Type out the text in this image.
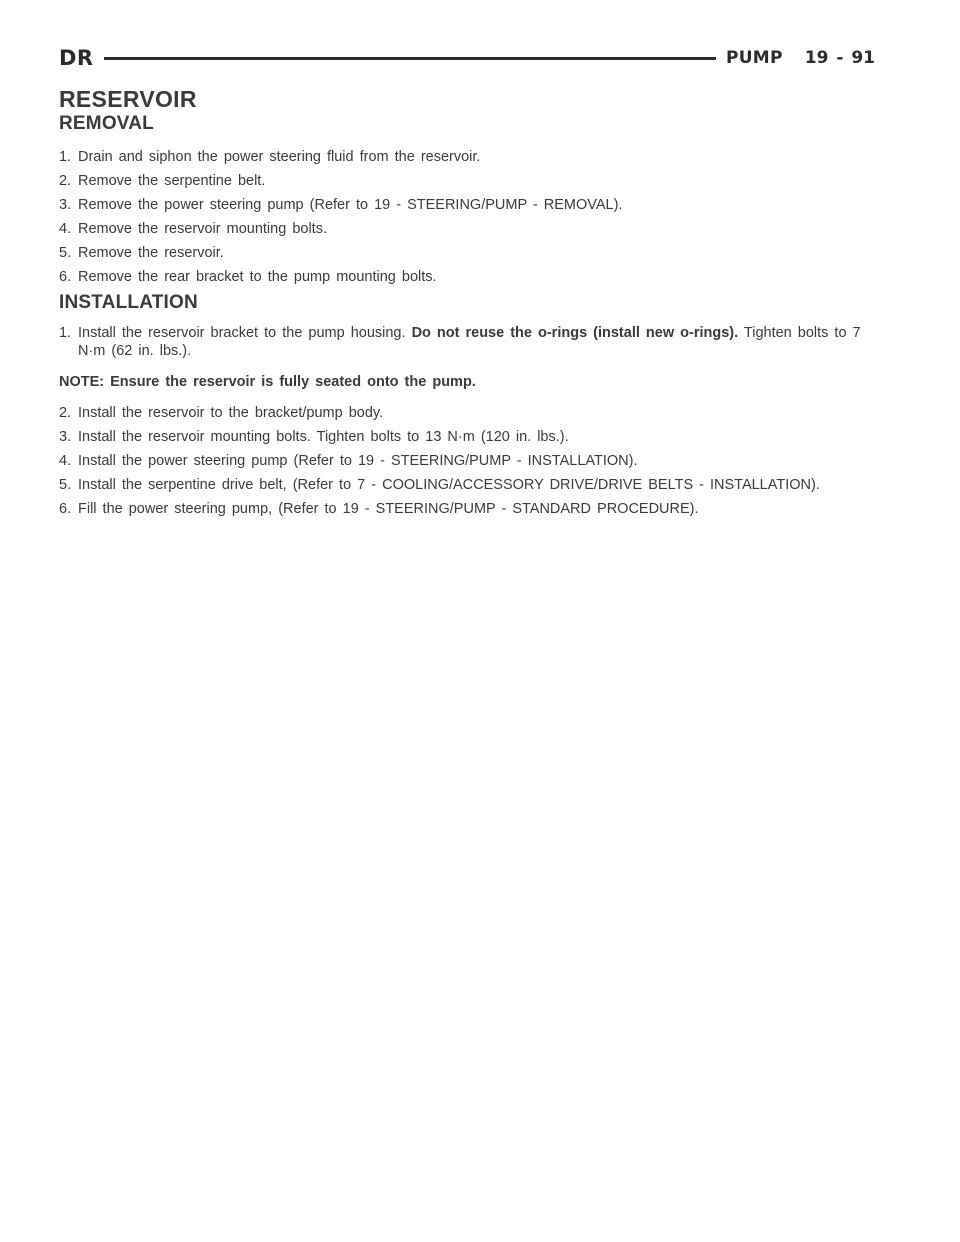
DR	PUMP 19 - 91
RESERVOIR
REMOVAL
1. Drain and siphon the power steering fluid from the reservoir.
2. Remove the serpentine belt.
3. Remove the power steering pump (Refer to 19 - STEERING/PUMP - REMOVAL).
4. Remove the reservoir mounting bolts.
5. Remove the reservoir.
6. Remove the rear bracket to the pump mounting bolts.
INSTALLATION
1. Install the reservoir bracket to the pump housing. Do not reuse the o-rings (install new o-rings). Tighten bolts to 7 N·m (62 in. lbs.).
NOTE: Ensure the reservoir is fully seated onto the pump.
2. Install the reservoir to the bracket/pump body.
3. Install the reservoir mounting bolts. Tighten bolts to 13 N·m (120 in. lbs.).
4. Install the power steering pump (Refer to 19 - STEERING/PUMP - INSTALLATION).
5. Install the serpentine drive belt, (Refer to 7 - COOLING/ACCESSORY DRIVE/DRIVE BELTS - INSTALLATION).
6. Fill the power steering pump, (Refer to 19 - STEERING/PUMP - STANDARD PROCEDURE).
